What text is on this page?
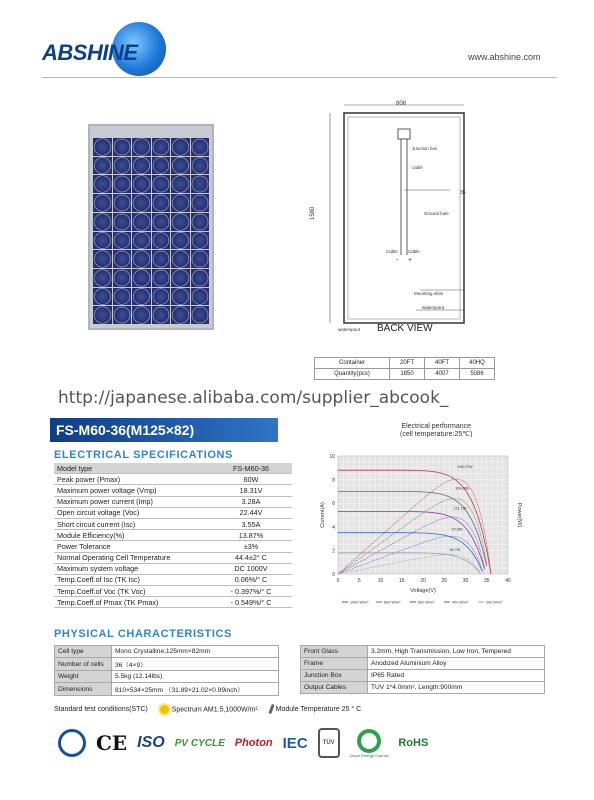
ABSHINE	www.abshine.com
808
1580
35
Junction box
cable
Ground hole
Cable Cable
- +
Mounting slots
waterspout
waterspout BACK VIEW
Container	20FT	40FT	40HQ
Quantity(pcs)	1850	4007	5086
http://japanese.alibaba.com/supplier_abcook_
FS-M60-36(M125×82)
ELECTRICAL SPECIFICATIONS
Model type	FS-M60-36
Peak power (Pmax)	60W
Maximum power voltage (Vmp)	18.31V
Maximum power current (Imp)	3.28A
Open circuit voltage (Voc)	22.44V
Short circuit current (Isc)	3.55A
Module Efficiency(%)	13.87%
Power Tolerance	±3%
Normal Operating Cell Temperature	44.4±2° C
Maximum system voltage	DC 1000V
Temp.Coeff.of Isc (TK Isc)	0.06%/° C
Temp.Coeff.of Voc (TK Voc)	- 0.397%/° C
Temp.Coeff.of Pmax (TK Pmax)	- 0.549%/° C
Electrical performance
(cell temperature:25℃)
0	5	10	15	20	25	30	35	40
0
2
4
6
8
10
Voltage(V)
Current(A)	Power(W)
206.27W
1000 W/m²
164.0W
800 W/m²
121.1W
600 W/m²
79.9W
400 W/m²
36.7W
200 W/m²
PHYSICAL CHARACTERISTICS
Cell type	Mono Crystalline,125mm×82mm
Number of cells	36（4×9）
Weight	5.5kg (12.14lbs)
Dimensions	810×534×25mm （31.89×21.02×0.99inch）
Front Glass	3.2mm, High Transmission, Low Iron, Tempered
Frame	Anodized Aluminium Alloy
Junction Box	IP65 Rated
Output Cables	TUV 1*4.0mm², Length:900mm
Standard test conditions(STC)	Spectrum AM1.5,1000W/m²	Module Temperature 25 ° C
CE ISO PV CYCLE Photon IEC	TÜV
Clean Energy Council
RoHS
